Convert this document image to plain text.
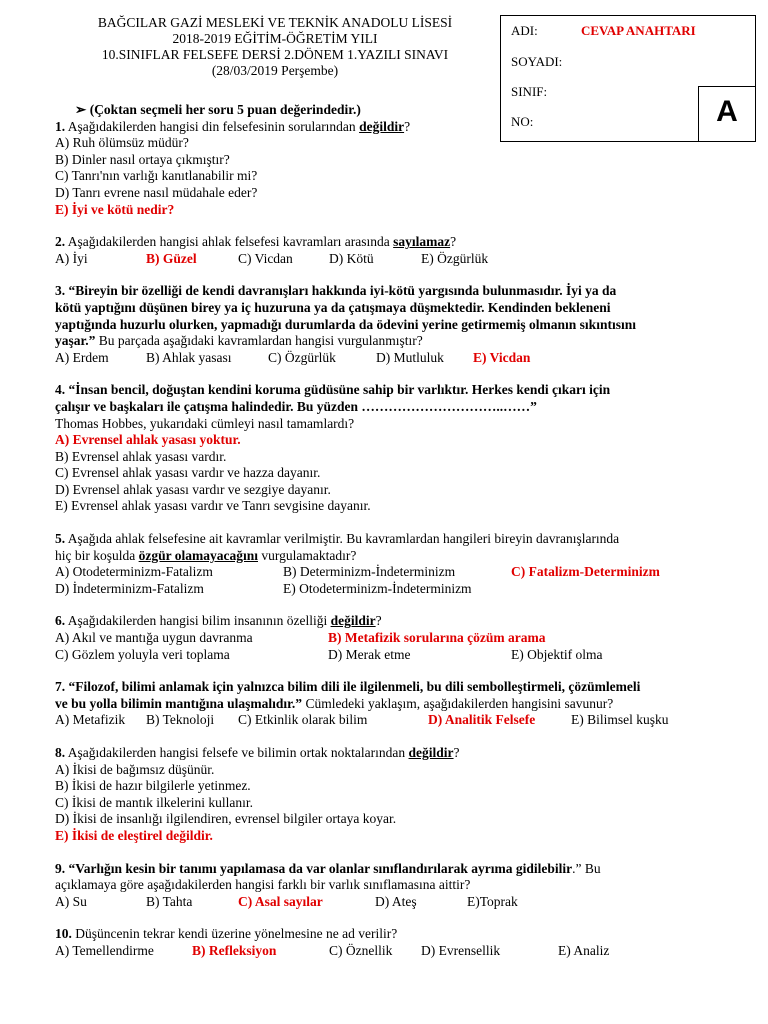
BAĞCILAR GAZİ MESLEKİ VE TEKNİK ANADOLU LİSESİ
2018-2019 EĞİTİM-ÖĞRETİM YILI
10.SINIFLAR FELSEFE DERSİ 2.DÖNEM 1.YAZILI SINAVI
(28/03/2019 Perşembe)
ADI:	CEVAP ANAHTARI
SOYADI:
SINIF:
NO:	A
➢ (Çoktan seçmeli her soru 5 puan değerindedir.)
1. Aşağıdakilerden hangisi din felsefesinin sorularından değildir?
A) Ruh ölümsüz müdür?
B) Dinler nasıl ortaya çıkmıştır?
C) Tanrı'nın varlığı kanıtlanabilir mi?
D) Tanrı evrene nasıl müdahale eder?
E) İyi ve kötü nedir?
2. Aşağıdakilerden hangisi ahlak felsefesi kavramları arasında sayılamaz?
A) İyi	B) Güzel	C) Vicdan	D) Kötü	E) Özgürlük
3. “Bireyin bir özelliği de kendi davranışları hakkında iyi-kötü yargısında bulunmasıdır. İyi ya da
kötü yaptığını düşünen birey ya iç huzuruna ya da çatışmaya düşmektedir. Kendinden bekleneni
yaptığında huzurlu olurken, yapmadığı durumlarda da ödevini yerine getirmemiş olmanın sıkıntısını
yaşar.” Bu parçada aşağıdaki kavramlardan hangisi vurgulanmıştır?
A) Erdem	B) Ahlak yasası	C) Özgürlük	D) Mutluluk E) Vicdan
4. “İnsan bencil, doğuştan kendini koruma güdüsüne sahip bir varlıktır. Herkes kendi çıkarı için
çalışır ve başkaları ile çatışma halindedir. Bu yüzden …………………………..……”
Thomas Hobbes, yukarıdaki cümleyi nasıl tamamlardı?
A) Evrensel ahlak yasası yoktur.
B) Evrensel ahlak yasası vardır.
C) Evrensel ahlak yasası vardır ve hazza dayanır.
D) Evrensel ahlak yasası vardır ve sezgiye dayanır.
E) Evrensel ahlak yasası vardır ve Tanrı sevgisine dayanır.
5. Aşağıda ahlak felsefesine ait kavramlar verilmiştir. Bu kavramlardan hangileri bireyin davranışlarında
hiç bir koşulda özgür olamayacağını vurgulamaktadır?
A) Otodeterminizm-Fatalizm	B) Determinizm-İndeterminizm	C) Fatalizm-Determinizm
D) İndeterminizm-Fatalizm	E) Otodeterminizm-İndeterminizm
6. Aşağıdakilerden hangisi bilim insanının özelliği değildir?
A) Akıl ve mantığa uygun davranma	B) Metafizik sorularına çözüm arama
C) Gözlem yoluyla veri toplama	D) Merak etme	E) Objektif olma
7. “Filozof, bilimi anlamak için yalnızca bilim dili ile ilgilenmeli, bu dili sembolleştirmeli, çözümlemeli
ve bu yolla bilimin mantığına ulaşmalıdır.” Cümledeki yaklaşım, aşağıdakilerden hangisini savunur?
A) Metafizik B) Teknoloji C) Etkinlik olarak bilim	D) Analitik Felsefe	E) Bilimsel kuşku
8. Aşağıdakilerden hangisi felsefe ve bilimin ortak noktalarından değildir?
A) İkisi de bağımsız düşünür.
B) İkisi de hazır bilgilerle yetinmez.
C) İkisi de mantık ilkelerini kullanır.
D) İkisi de insanlığı ilgilendiren, evrensel bilgiler ortaya koyar.
E) İkisi de eleştirel değildir.
9. “Varlığın kesin bir tanımı yapılamasa da var olanlar sınıflandırılarak ayrıma gidilebilir.” Bu
açıklamaya göre aşağıdakilerden hangisi farklı bir varlık sınıflamasına aittir?
A) Su	B) Tahta	C) Asal sayılar	D) Ateş	E)Toprak
10. Düşüncenin tekrar kendi üzerine yönelmesine ne ad verilir?
A) Temellendirme	B) Refleksiyon	C) Öznellik D) Evrensellik	E) Analiz
